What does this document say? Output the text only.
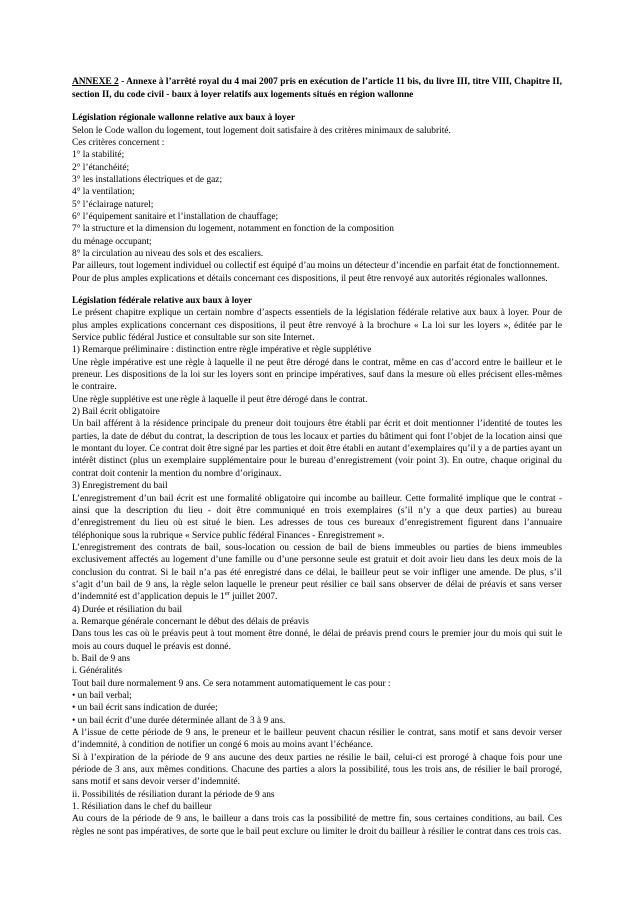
ANNEXE 2 - Annexe à l’arrêté royal du 4 mai 2007 pris en exécution de l’article 11 bis, du livre III, titre VIII, Chapitre II, section II, du code civil - baux à loyer relatifs aux logements situés en région wallonne
Législation régionale wallonne relative aux baux à loyer

Selon le Code wallon du logement, tout logement doit satisfaire à des critères minimaux de salubrité.

Ces critères concernent :

1° la stabilité;

2° l’étanchéité;

3° les installations électriques et de gaz;

4° la ventilation;

5° l’éclairage naturel;

6° l’équipement sanitaire et l’installation de chauffage;

7° la structure et la dimension du logement, notamment en fonction de la composition

du ménage occupant;

8° la circulation au niveau des sols et des escaliers.

Par ailleurs, tout logement individuel ou collectif est équipé d’au moins un détecteur d’incendie en parfait état de fonctionnement.

Pour de plus amples explications et détails concernant ces dispositions, il peut être renvoyé aux autorités régionales wallonnes.

Législation fédérale relative aux baux à loyer

Le présent chapitre explique un certain nombre d’aspects essentiels de la législation fédérale relative aux baux à loyer. Pour de plus amples explications concernant ces dispositions, il peut être renvoyé à la brochure « La loi sur les loyers », éditée par le Service public fédéral Justice et consultable sur son site Internet.

1) Remarque préliminaire : distinction entre règle impérative et règle supplétive

Une règle impérative est une règle à laquelle il ne peut être dérogé dans le contrat, même en cas d’accord entre le bailleur et le preneur. Les dispositions de la loi sur les loyers sont en principe impératives, sauf dans la mesure où elles précisent elles-mêmes le contraire.

Une règle supplétive est une règle à laquelle il peut être dérogé dans le contrat.

2) Bail écrit obligatoire

Un bail afférent à la résidence principale du preneur doit toujours être établi par écrit et doit mentionner l’identité de toutes les parties, la date de début du contrat, la description de tous les locaux et parties du bâtiment qui font l’objet de la location ainsi que le montant du loyer. Ce contrat doit être signé par les parties et doit être établi en autant d’exemplaires qu’il y a de parties ayant un intérêt distinct (plus un exemplaire supplémentaire pour le bureau d’enregistrement (voir point 3). En outre, chaque original du contrat doit contenir la mention du nombre d’originaux.

3) Enregistrement du bail

L’enregistrement d’un bail écrit est une formalité obligatoire qui incombe au bailleur. Cette formalité implique que le contrat - ainsi que la description du lieu - doit être communiqué en trois exemplaires (s’il n’y a que deux parties) au bureau d’enregistrement du lieu où est situé le bien. Les adresses de tous ces bureaux d’enregistrement figurent dans l’annuaire téléphonique sous la rubrique « Service public fédéral Finances - Enregistrement ».

L’enregistrement des contrats de bail, sous-location ou cession de bail de biens immeubles ou parties de biens immeubles exclusivement affectés au logement d’une famille ou d’une personne seule est gratuit et doit avoir lieu dans les deux mois de la conclusion du contrat. Si le bail n’a pas été enregistré dans ce délai, le bailleur peut se voir infliger une amende. De plus, s’il s’agit d’un bail de 9 ans, la règle selon laquelle le preneur peut résilier ce bail sans observer de délai de préavis et sans verser d’indemnité est d’application depuis le 1er juillet 2007.

4) Durée et résiliation du bail

a. Remarque générale concernant le début des délais de préavis

Dans tous les cas où le préavis peut à tout moment être donné, le délai de préavis prend cours le premier jour du mois qui suit le mois au cours duquel le préavis est donné.

b. Bail de 9 ans

i. Généralités

Tout bail dure normalement 9 ans. Ce sera notamment automatiquement le cas pour :

• un bail verbal;

• un bail écrit sans indication de durée;

• un bail écrit d’une durée déterminée allant de 3 à 9 ans.

A l’issue de cette période de 9 ans, le preneur et le bailleur peuvent chacun résilier le contrat, sans motif et sans devoir verser d’indemnité, à condition de notifier un congé 6 mois au moins avant l’échéance.

Si à l’expiration de la période de 9 ans aucune des deux parties ne résilie le bail, celui-ci est prorogé à chaque fois pour une période de 3 ans, aux mêmes conditions. Chacune des parties a alors la possibilité, tous les trois ans, de résilier le bail prorogé, sans motif et sans devoir verser d’indemnité.

ii. Possibilités de résiliation durant la période de 9 ans

1. Résiliation dans le chef du bailleur

Au cours de la période de 9 ans, le bailleur a dans trois cas la possibilité de mettre fin, sous certaines conditions, au bail. Ces règles ne sont pas impératives, de sorte que le bail peut exclure ou limiter le droit du bailleur à résilier le contrat dans ces trois cas.
